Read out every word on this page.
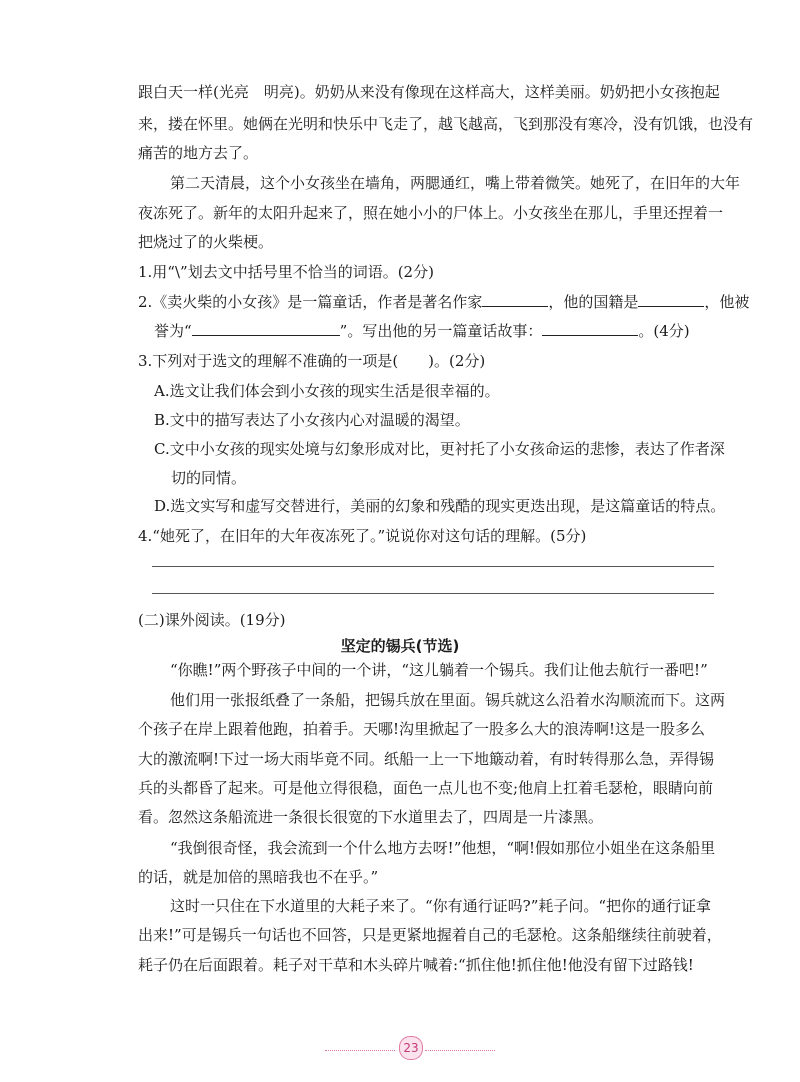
跟白天一样(光亮　明亮)。奶奶从来没有像现在这样高大，这样美丽。奶奶把小女孩抱起
来，搂在怀里。她俩在光明和快乐中飞走了，越飞越高，飞到那没有寒冷，没有饥饿，也没有
痛苦的地方去了。
第二天清晨，这个小女孩坐在墙角，两腮通红，嘴上带着微笑。她死了，在旧年的大年
夜冻死了。新年的太阳升起来了，照在她小小的尸体上。小女孩坐在那儿，手里还捏着一
把烧过了的火柴梗。
1.用“\”划去文中括号里不恰当的词语。(2分)
2.《卖火柴的小女孩》是一篇童话，作者是著名作家	，他的国籍是	，他被
誉为“	”。写出他的另一篇童话故事：	。(4分)
3.下列对于选文的理解不准确的一项是( )。(2分)
A.选文让我们体会到小女孩的现实生活是很幸福的。
B.文中的描写表达了小女孩内心对温暖的渴望。
C.文中小女孩的现实处境与幻象形成对比，更衬托了小女孩命运的悲惨，表达了作者深
切的同情。
D.选文实写和虚写交替进行，美丽的幻象和残酷的现实更迭出现，是这篇童话的特点。
4.“她死了，在旧年的大年夜冻死了。”说说你对这句话的理解。(5分)
(二)课外阅读。(19分)
坚定的锡兵(节选)
“你瞧!”两个野孩子中间的一个讲，“这儿躺着一个锡兵。我们让他去航行一番吧!”
他们用一张报纸叠了一条船，把锡兵放在里面。锡兵就这么沿着水沟顺流而下。这两
个孩子在岸上跟着他跑，拍着手。天哪!沟里掀起了一股多么大的浪涛啊!这是一股多么
大的激流啊!下过一场大雨毕竟不同。纸船一上一下地簸动着，有时转得那么急，弄得锡
兵的头都昏了起来。可是他立得很稳，面色一点儿也不变;他肩上扛着毛瑟枪，眼睛向前
看。忽然这条船流进一条很长很宽的下水道里去了，四周是一片漆黑。
“我倒很奇怪，我会流到一个什么地方去呀!”他想，“啊!假如那位小姐坐在这条船里
的话，就是加倍的黑暗我也不在乎。”
这时一只住在下水道里的大耗子来了。“你有通行证吗?”耗子问。“把你的通行证拿
出来!”可是锡兵一句话也不回答，只是更紧地握着自己的毛瑟枪。这条船继续往前驶着，
耗子仍在后面跟着。耗子对干草和木头碎片喊着:“抓住他!抓住他!他没有留下过路钱!
23
